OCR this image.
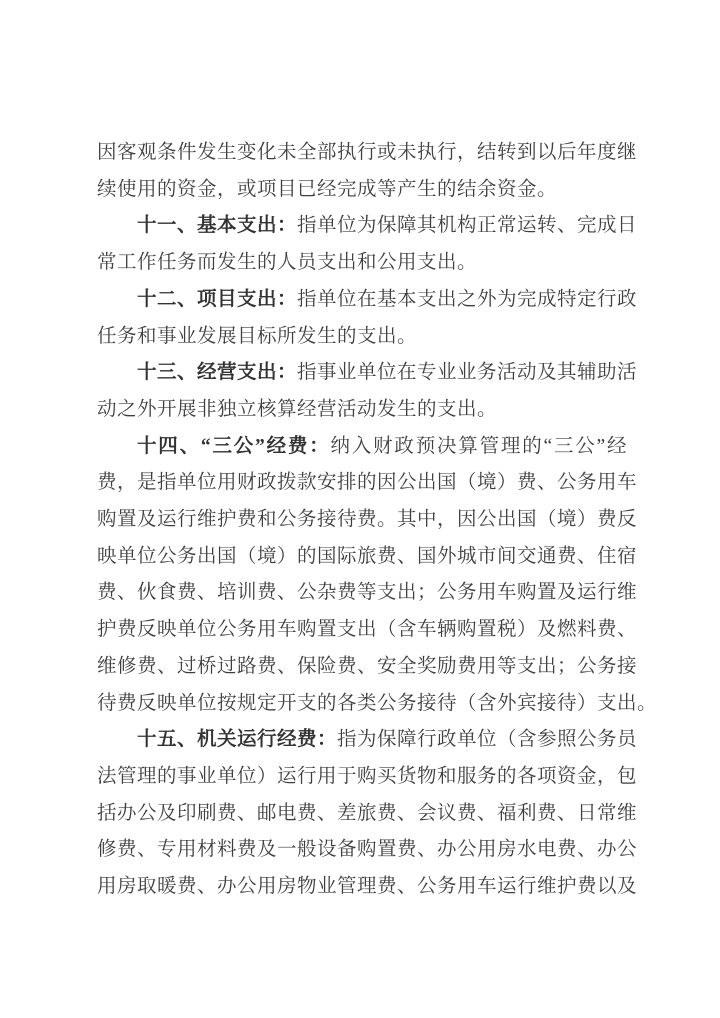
因客观条件发生变化未全部执行或未执行，结转到以后年度继
续使用的资金，或项目已经完成等产生的结余资金。
十一、基本支出：指单位为保障其机构正常运转、完成日
常工作任务而发生的人员支出和公用支出。
十二、项目支出：指单位在基本支出之外为完成特定行政
任务和事业发展目标所发生的支出。
十三、经营支出：指事业单位在专业业务活动及其辅助活
动之外开展非独立核算经营活动发生的支出。
十四、“三公”经费：纳入财政预决算管理的“三公”经
费，是指单位用财政拨款安排的因公出国（境）费、公务用车
购置及运行维护费和公务接待费。其中，因公出国（境）费反
映单位公务出国（境）的国际旅费、国外城市间交通费、住宿
费、伙食费、培训费、公杂费等支出；公务用车购置及运行维
护费反映单位公务用车购置支出（含车辆购置税）及燃料费、
维修费、过桥过路费、保险费、安全奖励费用等支出；公务接
待费反映单位按规定开支的各类公务接待（含外宾接待）支出。
十五、机关运行经费：指为保障行政单位（含参照公务员
法管理的事业单位）运行用于购买货物和服务的各项资金，包
括办公及印刷费、邮电费、差旅费、会议费、福利费、日常维
修费、专用材料费及一般设备购置费、办公用房水电费、办公
用房取暖费、办公用房物业管理费、公务用车运行维护费以及
